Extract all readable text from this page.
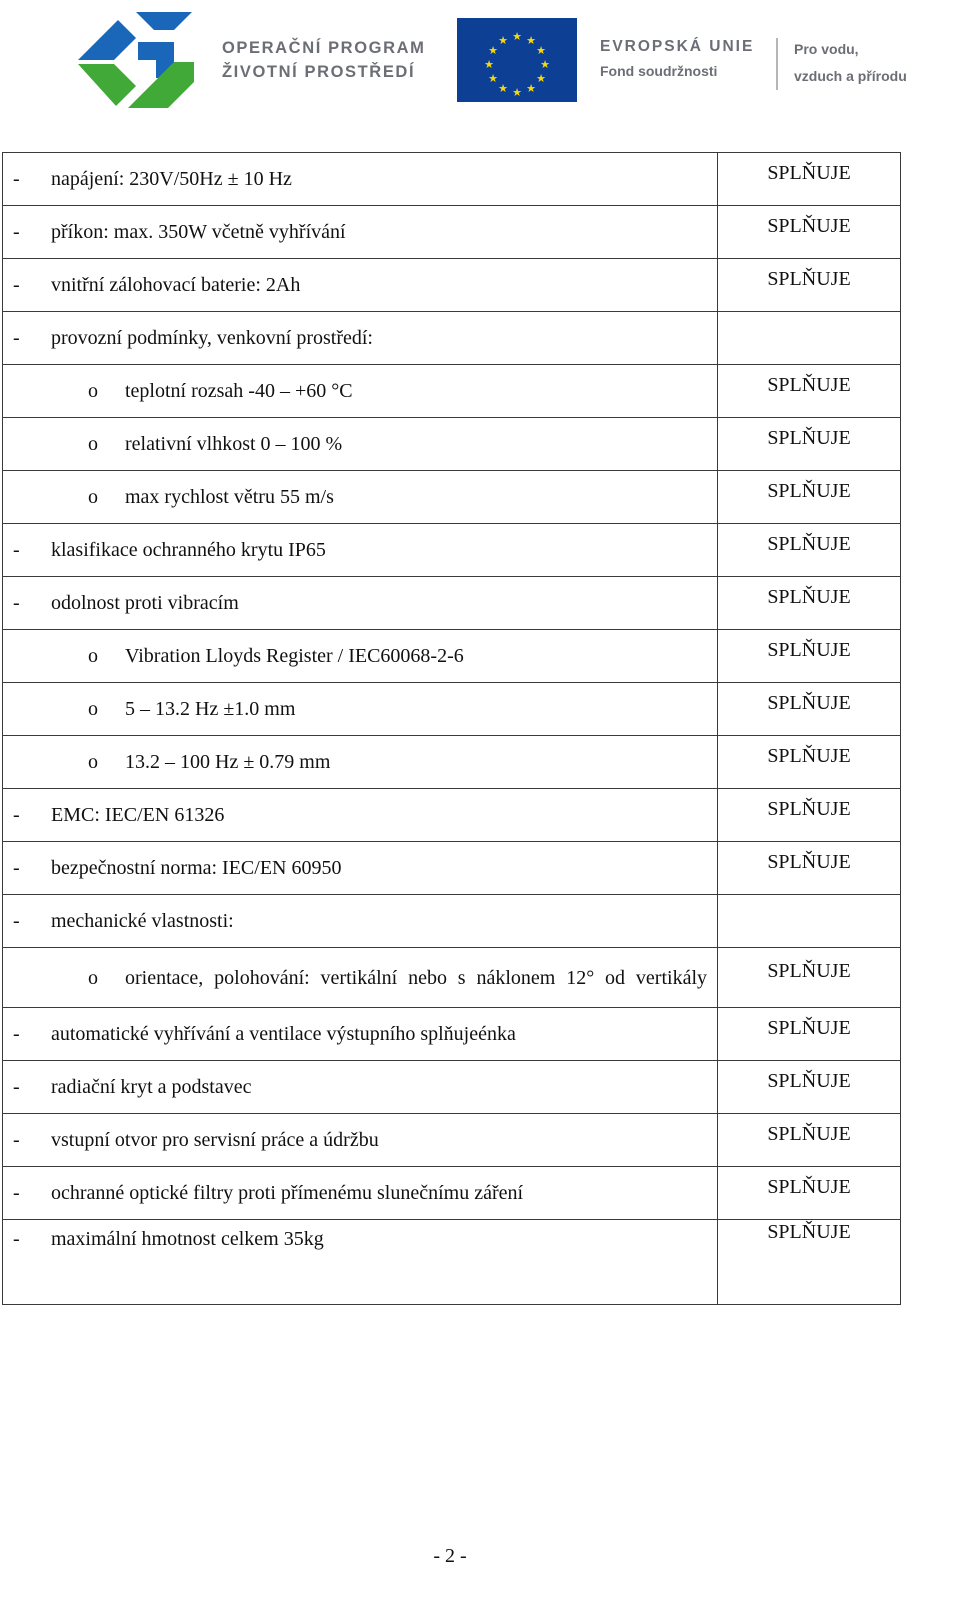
OPERAČNÍ PROGRAM
ŽIVOTNÍ PROSTŘEDÍ
★ ★
★
★
★
★
★
★
★
★
★
★	EVROPSKÁ UNIE
Fond soudržnosti
Pro vodu,
vzduch a přírodu
- napájení: 230V/50Hz ± 10 Hz	SPLŇUJE

- příkon: max. 350W včetně vyhřívání	SPLŇUJE

- vnitřní zálohovací baterie: 2Ah	SPLŇUJE

- provozní podmínky, venkovní prostředí:	

o teplotní rozsah -40 – +60 °C	SPLŇUJE

o relativní vlhkost 0 – 100 %	SPLŇUJE

o max rychlost větru 55 m/s	SPLŇUJE

- klasifikace ochranného krytu IP65	SPLŇUJE

- odolnost proti vibracím	SPLŇUJE

o Vibration Lloyds Register / IEC60068-2-6	SPLŇUJE

o 5 – 13.2 Hz ±1.0 mm	SPLŇUJE

o 13.2 – 100 Hz ± 0.79 mm	SPLŇUJE

- EMC: IEC/EN 61326	SPLŇUJE

- bezpečnostní norma: IEC/EN 60950	SPLŇUJE

- mechanické vlastnosti:	

o orientace, polohování: vertikální nebo s náklonem 12° od vertikály	SPLŇUJE

- automatické vyhřívání a ventilace výstupního splňujeénka	SPLŇUJE

- radiační kryt a podstavec	SPLŇUJE

- vstupní otvor pro servisní práce a údržbu	SPLŇUJE

- ochranné optické filtry proti přímenému slunečnímu záření	SPLŇUJE

- maximální hmotnost celkem 35kg	SPLŇUJE
- 2 -
